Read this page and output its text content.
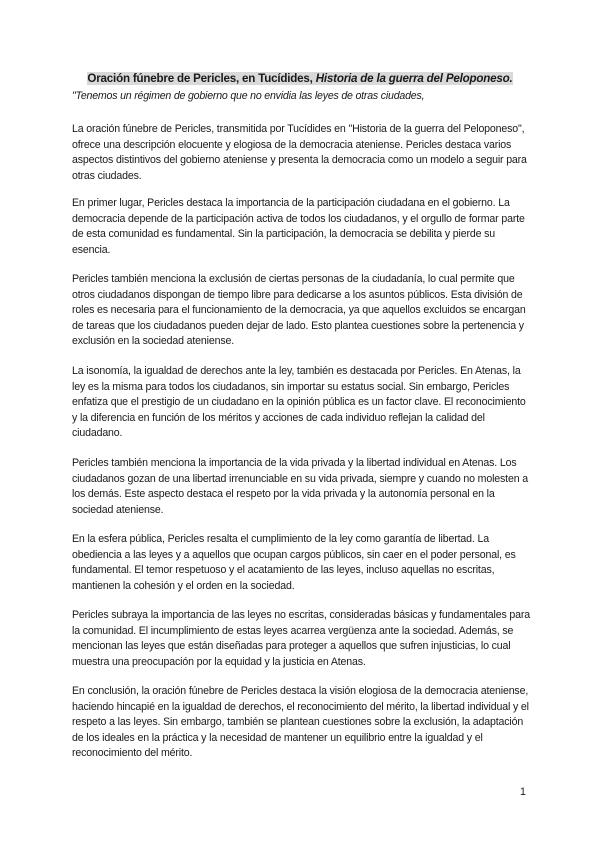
Oración fúnebre de Pericles, en Tucídides, Historia de la guerra del Peloponeso.

"Tenemos un régimen de gobierno que no envidia las leyes de otras ciudades,

La oración fúnebre de Pericles, transmitida por Tucídides en "Historia de la guerra del Peloponeso", ofrece una descripción elocuente y elogiosa de la democracia ateniense. Pericles destaca varios aspectos distintivos del gobierno ateniense y presenta la democracia como un modelo a seguir para otras ciudades.

En primer lugar, Pericles destaca la importancia de la participación ciudadana en el gobierno. La democracia depende de la participación activa de todos los ciudadanos, y el orgullo de formar parte de esta comunidad es fundamental. Sin la participación, la democracia se debilita y pierde su esencia.

Pericles también menciona la exclusión de ciertas personas de la ciudadanía, lo cual permite que otros ciudadanos dispongan de tiempo libre para dedicarse a los asuntos públicos. Esta división de roles es necesaria para el funcionamiento de la democracia, ya que aquellos excluidos se encargan de tareas que los ciudadanos pueden dejar de lado. Esto plantea cuestiones sobre la pertenencia y exclusión en la sociedad ateniense.

La isonomía, la igualdad de derechos ante la ley, también es destacada por Pericles. En Atenas, la ley es la misma para todos los ciudadanos, sin importar su estatus social. Sin embargo, Pericles enfatiza que el prestigio de un ciudadano en la opinión pública es un factor clave. El reconocimiento y la diferencia en función de los méritos y acciones de cada individuo reflejan la calidad del ciudadano.

Pericles también menciona la importancia de la vida privada y la libertad individual en Atenas. Los ciudadanos gozan de una libertad irrenunciable en su vida privada, siempre y cuando no molesten a los demás. Este aspecto destaca el respeto por la vida privada y la autonomía personal en la sociedad ateniense.

En la esfera pública, Pericles resalta el cumplimiento de la ley como garantía de libertad. La obediencia a las leyes y a aquellos que ocupan cargos públicos, sin caer en el poder personal, es fundamental. El temor respetuoso y el acatamiento de las leyes, incluso aquellas no escritas, mantienen la cohesión y el orden en la sociedad.

Pericles subraya la importancia de las leyes no escritas, consideradas básicas y fundamentales para la comunidad. El incumplimiento de estas leyes acarrea vergüenza ante la sociedad. Además, se mencionan las leyes que están diseñadas para proteger a aquellos que sufren injusticias, lo cual muestra una preocupación por la equidad y la justicia en Atenas.

En conclusión, la oración fúnebre de Pericles destaca la visión elogiosa de la democracia ateniense, haciendo hincapié en la igualdad de derechos, el reconocimiento del mérito, la libertad individual y el respeto a las leyes. Sin embargo, también se plantean cuestiones sobre la exclusión, la adaptación de los ideales en la práctica y la necesidad de mantener un equilibrio entre la igualdad y el reconocimiento del mérito.

1
